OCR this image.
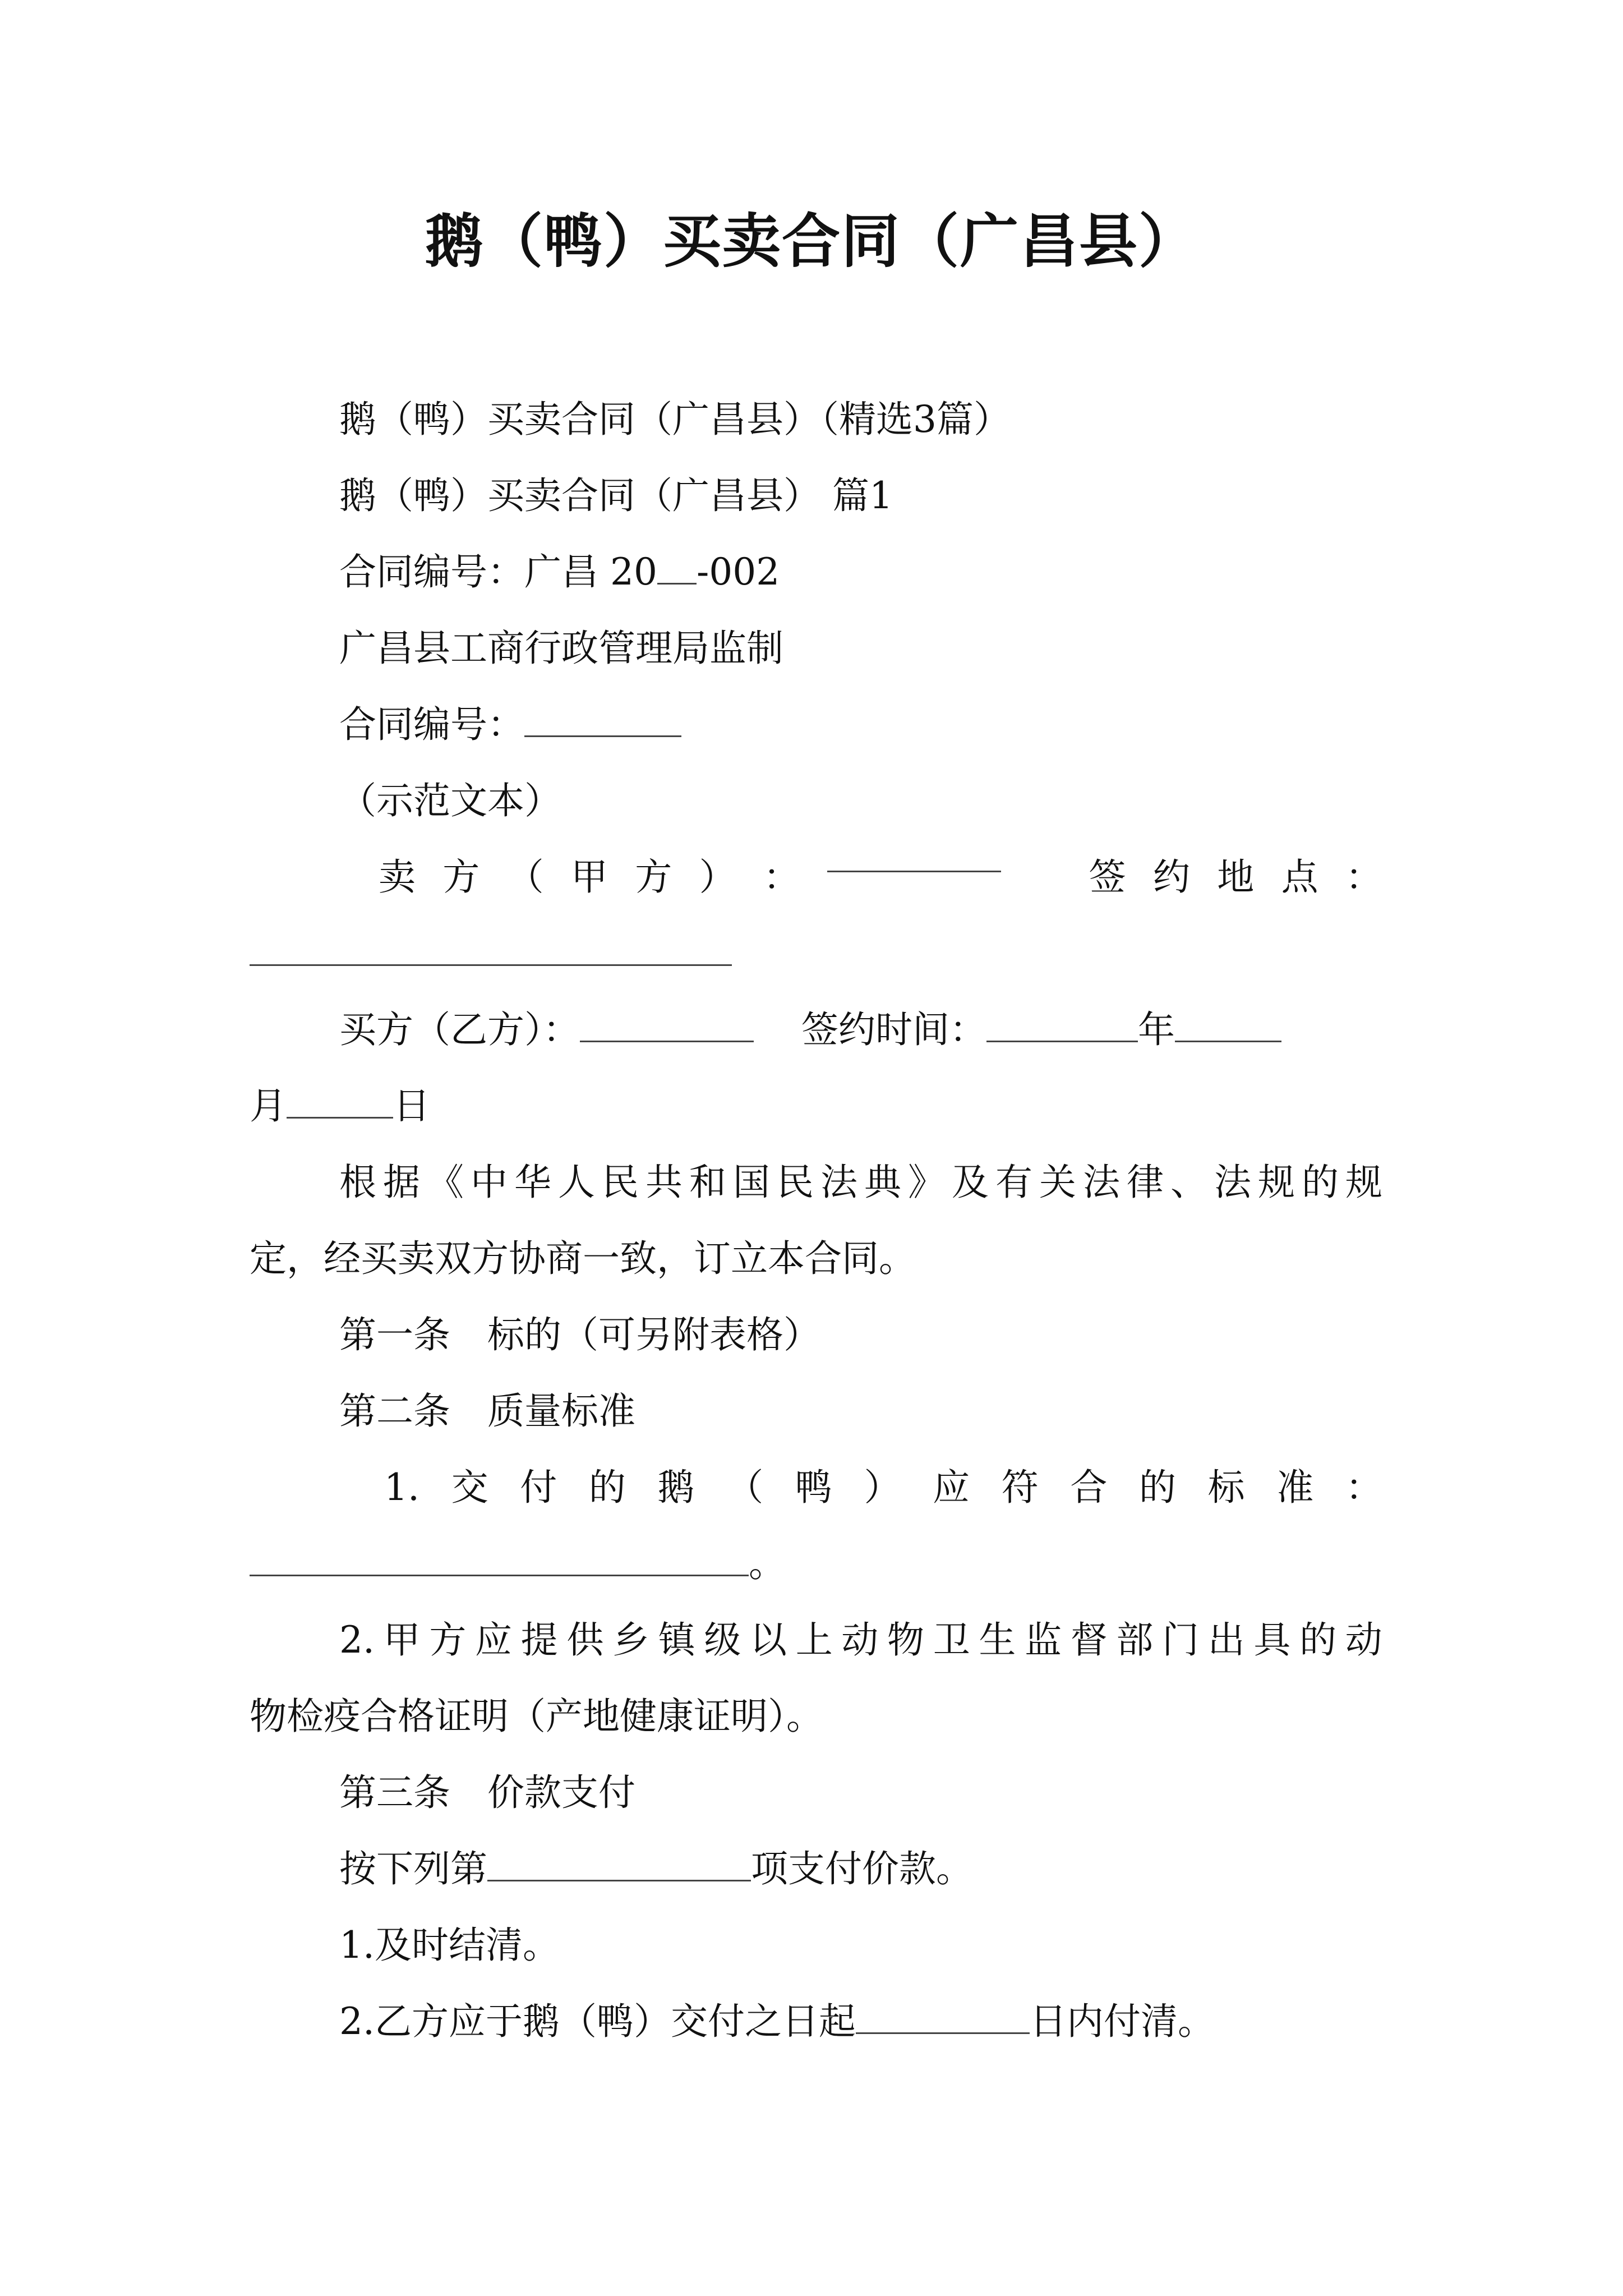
鹅（鸭）买卖合同（广昌县）
鹅（鸭）买卖合同（广昌县）（精选3篇）
鹅（鸭）买卖合同（广昌县） 篇1
合同编号：广昌 20 -002
广昌县工商行政管理局监制
合同编号：
（示范文本）
卖 方 （ 甲 方 ） ：	签 约 地 点 ：
买方（乙方）：	签约时间：	年
月	日
根 据 《 中 华 人 民 共 和 国 民 法 典 》 及 有 关 法 律 、 法 规 的 规
定，经买卖双方协商一致，订立本合同。
第一条　标的（可另附表格）
第二条　质量标准
1. 交 付 的 鹅 （ 鸭 ） 应 符 合 的 标 准 ：
。
2. 甲 方 应 提 供 乡 镇 级 以 上 动 物 卫 生 监 督 部 门 出 具 的 动
物检疫合格证明（产地健康证明）。
第三条　价款支付
按下列第	项支付价款。
1.及时结清。
2.乙方应于鹅（鸭）交付之日起	日内付清。
